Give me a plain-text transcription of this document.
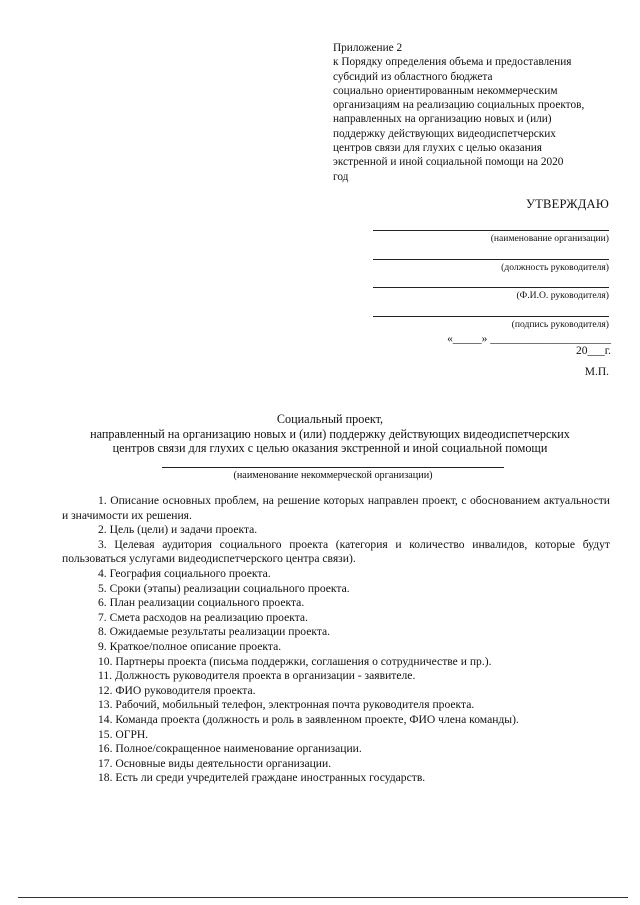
Приложение 2
к Порядку определения объема и предоставления
субсидий из областного бюджета
социально ориентированным некоммерческим
организациям на реализацию социальных проектов,
направленных на организацию новых и (или)
поддержку действующих видеодиспетчерских
центров связи для глухих с целью оказания
экстренной и иной социальной помощи на 2020
год
УТВЕРЖДАЮ
(наименование организации)
(должность руководителя)
(Ф.И.О. руководителя)
(подпись руководителя)
«_____» _____________________ 20___г.
М.П.
Социальный проект,
направленный на организацию новых и (или) поддержку действующих видеодиспетчерских
центров связи для глухих с целью оказания экстренной и иной социальной помощи
(наименование некоммерческой организации)
1. Описание основных проблем, на решение которых направлен проект, с обоснованием актуальности и значимости их решения.
2. Цель (цели) и задачи проекта.
3. Целевая аудитория социального проекта (категория и количество инвалидов, которые будут пользоваться услугами видеодиспетчерского центра связи).
4. География социального проекта.
5. Сроки (этапы) реализации социального проекта.
6. План реализации социального проекта.
7. Смета расходов на реализацию проекта.
8. Ожидаемые результаты реализации проекта.
9. Краткое/полное описание проекта.
10. Партнеры проекта (письма поддержки, соглашения о сотрудничестве и пр.).
11. Должность руководителя проекта в организации - заявителе.
12. ФИО руководителя проекта.
13. Рабочий, мобильный телефон, электронная почта руководителя проекта.
14. Команда проекта (должность и роль в заявленном проекте, ФИО члена команды).
15. ОГРН.
16. Полное/сокращенное наименование организации.
17. Основные виды деятельности организации.
18. Есть ли среди учредителей граждане иностранных государств.
